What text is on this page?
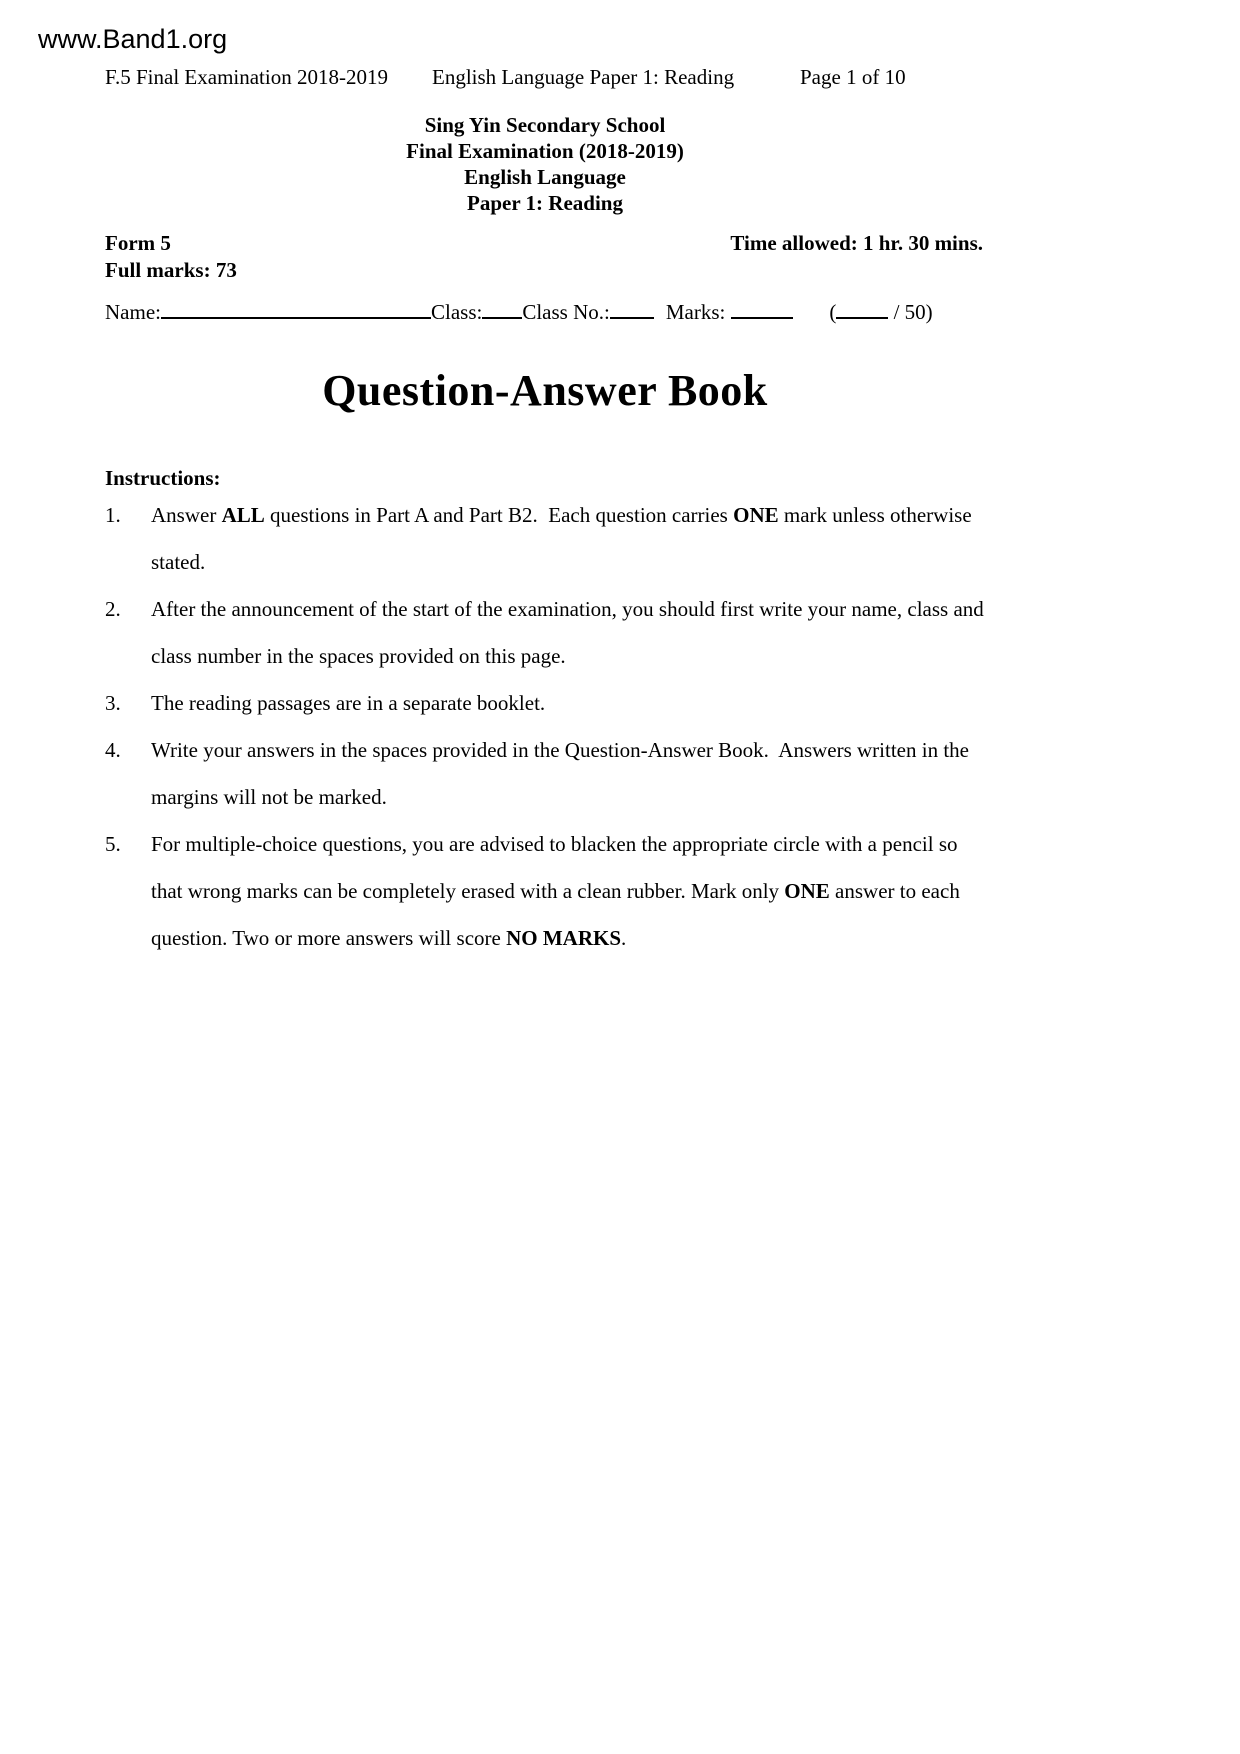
www.Band1.org
F.5 Final Examination 2018-2019	English Language Paper 1: Reading	Page 1 of 10
Sing Yin Secondary School
Final Examination (2018-2019)
English Language
Paper 1: Reading
Form 5
Full marks: 73
Time allowed: 1 hr. 30 mins.
Name:	Class: Class No.:	Marks:	( / 50)
Question-Answer Book
Instructions:
1.	Answer ALL questions in Part A and Part B2.  Each question carries ONE mark unless otherwise stated.
2.	After the announcement of the start of the examination, you should first write your name, class and class number in the spaces provided on this page.
3.	The reading passages are in a separate booklet.
4.	Write your answers in the spaces provided in the Question-Answer Book.  Answers written in the margins will not be marked.
5.	For multiple-choice questions, you are advised to blacken the appropriate circle with a pencil so that wrong marks can be completely erased with a clean rubber. Mark only ONE answer to each question. Two or more answers will score NO MARKS.
